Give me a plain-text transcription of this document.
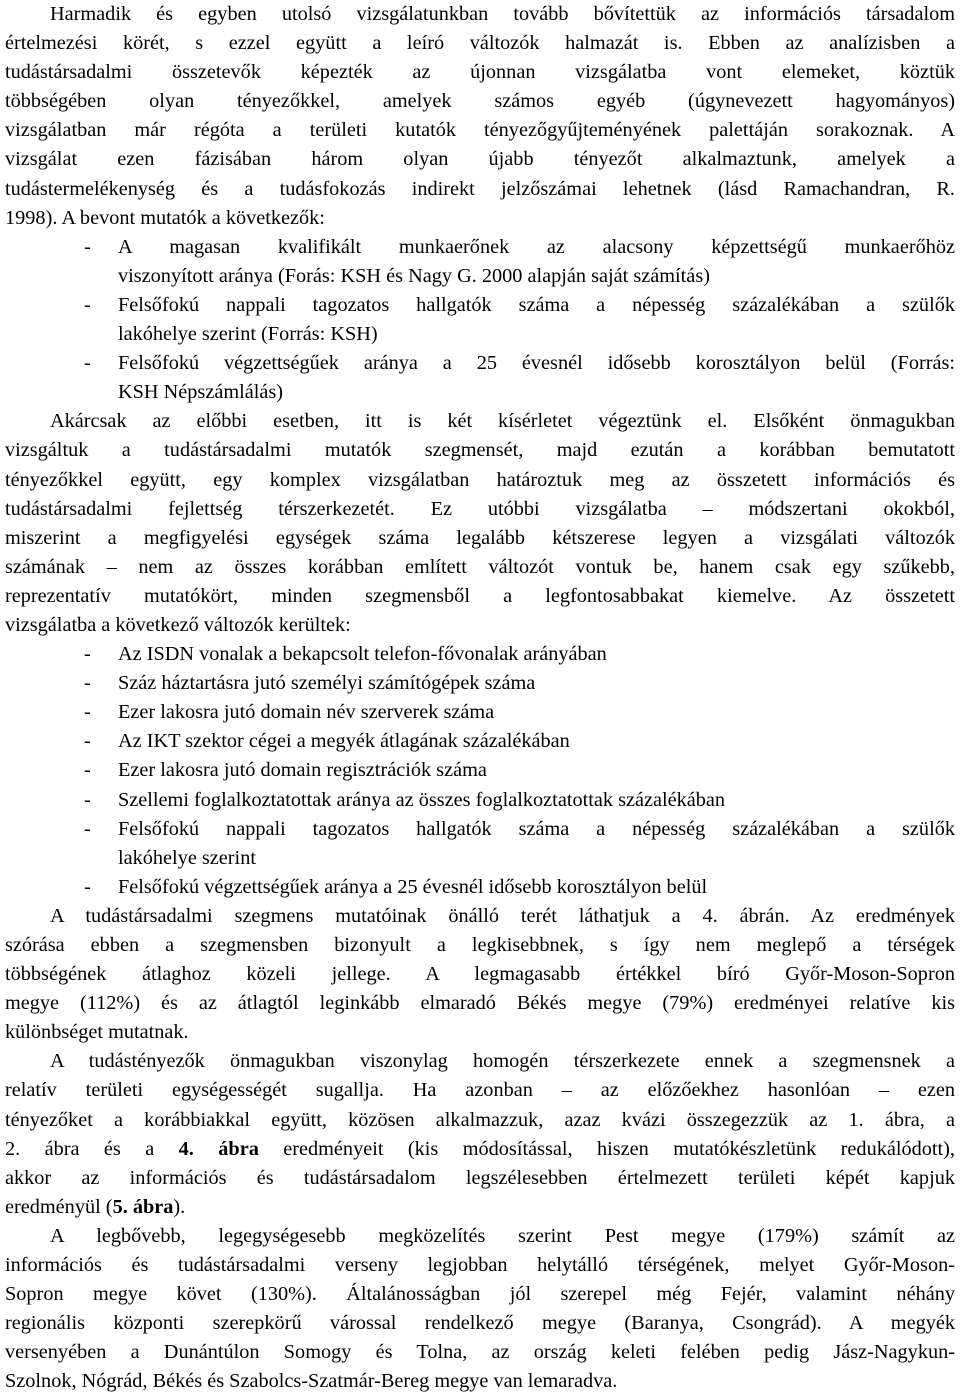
Harmadik és egyben utolsó vizsgálatunkban tovább bővítettük az információs társadalom
értelmezési körét, s ezzel együtt a leíró változók halmazát is. Ebben az analízisben a
tudástársadalmi összetevők képezték az újonnan vizsgálatba vont elemeket, köztük
többségében olyan tényezőkkel, amelyek számos egyéb (úgynevezett hagyományos)
vizsgálatban már régóta a területi kutatók tényezőgyűjteményének palettáján sorakoznak. A
vizsgálat ezen fázisában három olyan újabb tényezőt alkalmaztunk, amelyek a
tudástermelékenység és a tudásfokozás indirekt jelzőszámai lehetnek (lásd Ramachandran, R.
1998). A bevont mutatók a következők:
- A magasan kvalifikált munkaerőnek az alacsony képzettségű munkaerőhöz
viszonyított aránya (Forás: KSH és Nagy G. 2000 alapján saját számítás)
- Felsőfokú nappali tagozatos hallgatók száma a népesség százalékában a szülők
lakóhelye szerint (Forrás: KSH)
- Felsőfokú végzettségűek aránya a 25 évesnél idősebb korosztályon belül (Forrás:
KSH Népszámlálás)
Akárcsak az előbbi esetben, itt is két kísérletet végeztünk el. Elsőként önmagukban
vizsgáltuk a tudástársadalmi mutatók szegmensét, majd ezután a korábban bemutatott
tényezőkkel együtt, egy komplex vizsgálatban határoztuk meg az összetett információs és
tudástársadalmi fejlettség térszerkezetét. Ez utóbbi vizsgálatba – módszertani okokból,
miszerint a megfigyelési egységek száma legalább kétszerese legyen a vizsgálati változók
számának – nem az összes korábban említett változót vontuk be, hanem csak egy szűkebb,
reprezentatív mutatókört, minden szegmensből a legfontosabbakat kiemelve. Az összetett
vizsgálatba a következő változók kerültek:
- Az ISDN vonalak a bekapcsolt telefon-fővonalak arányában
- Száz háztartásra jutó személyi számítógépek száma
- Ezer lakosra jutó domain név szerverek száma
- Az IKT szektor cégei a megyék átlagának százalékában
- Ezer lakosra jutó domain regisztrációk száma
- Szellemi foglalkoztatottak aránya az összes foglalkoztatottak százalékában
- Felsőfokú nappali tagozatos hallgatók száma a népesség százalékában a szülők
lakóhelye szerint
- Felsőfokú végzettségűek aránya a 25 évesnél idősebb korosztályon belül
A tudástársadalmi szegmens mutatóinak önálló terét láthatjuk a 4. ábrán. Az eredmények
szórása ebben a szegmensben bizonyult a legkisebbnek, s így nem meglepő a térségek
többségének átlaghoz közeli jellege. A legmagasabb értékkel bíró Győr-Moson-Sopron
megye (112%) és az átlagtól leginkább elmaradó Békés megye (79%) eredményei relatíve kis
különbséget mutatnak.
A tudástényezők önmagukban viszonylag homogén térszerkezete ennek a szegmensnek a
relatív területi egységességét sugallja. Ha azonban – az előzőekhez hasonlóan – ezen
tényezőket a korábbiakkal együtt, közösen alkalmazzuk, azaz kvázi összegezzük az 1. ábra, a
2. ábra és a 4. ábra eredményeit (kis módosítással, hiszen mutatókészletünk redukálódott),
akkor az információs és tudástársadalom legszélesebben értelmezett területi képét kapjuk
eredményül (5. ábra).
A legbővebb, legegységesebb megközelítés szerint Pest megye (179%) számít az
információs és tudástársadalmi verseny legjobban helytálló térségének, melyet Győr-Moson-
Sopron megye követ (130%). Általánosságban jól szerepel még Fejér, valamint néhány
regionális központi szerepkörű várossal rendelkező megye (Baranya, Csongrád). A megyék
versenyében a Dunántúlon Somogy és Tolna, az ország keleti felében pedig Jász-Nagykun-
Szolnok, Nógrád, Békés és Szabolcs-Szatmár-Bereg megye van lemaradva.
